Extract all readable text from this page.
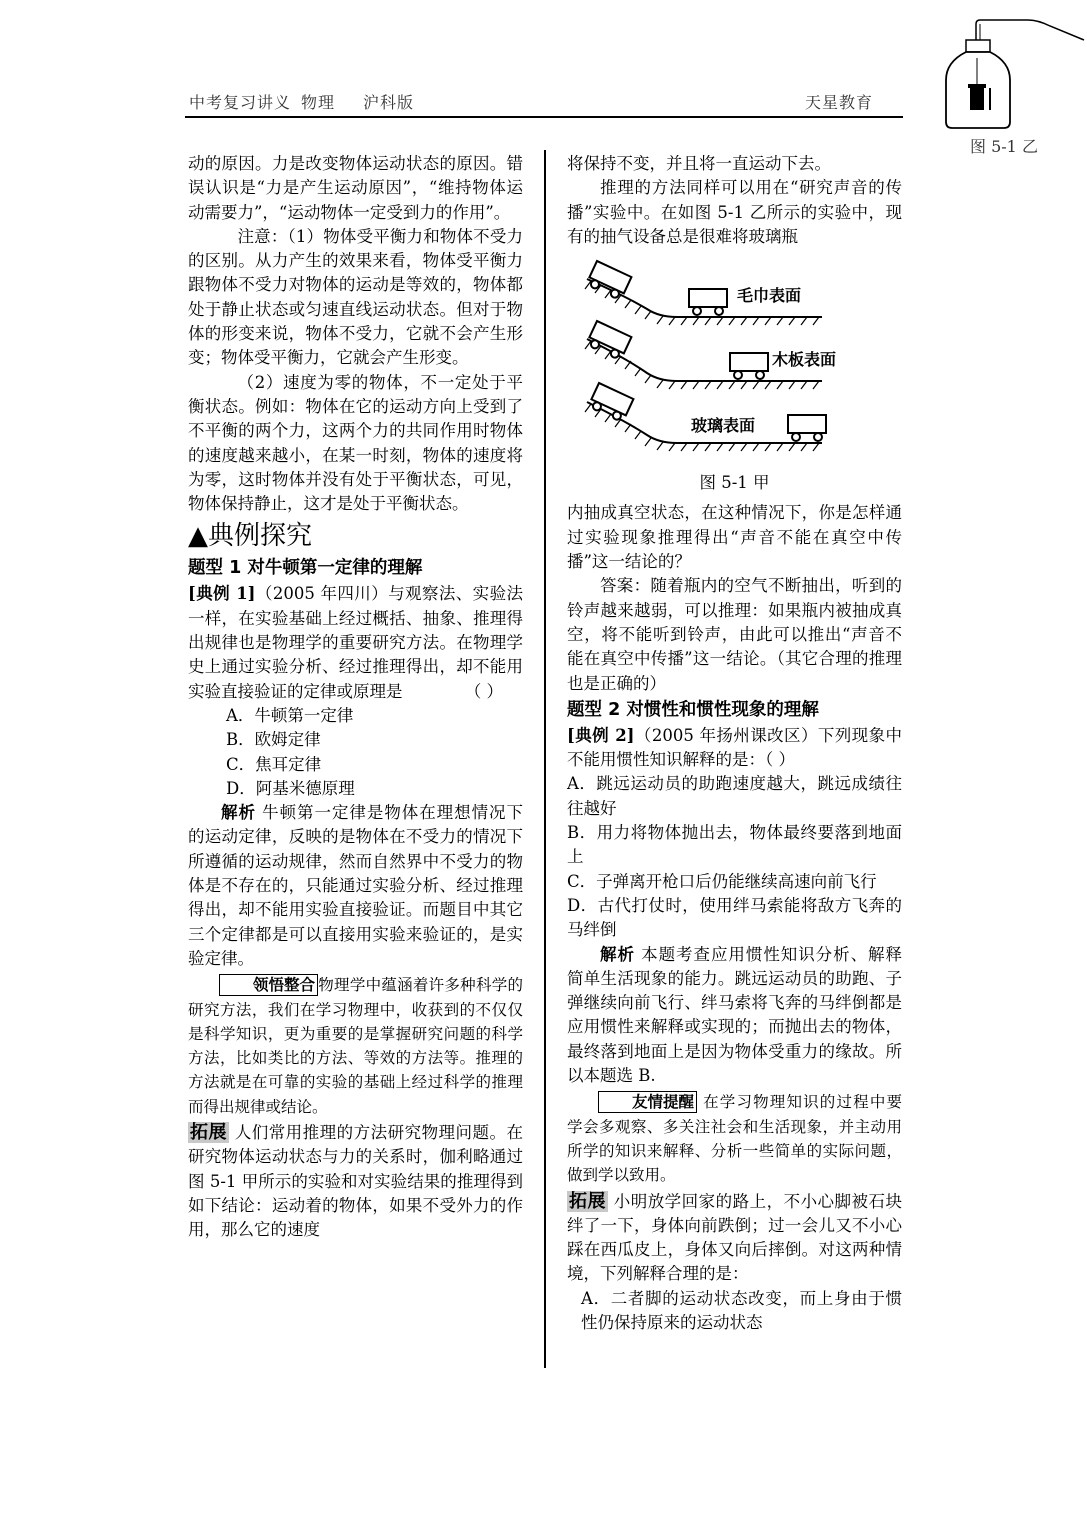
中考复习讲义 物理 沪科版	天星教育
图 5-1 乙

动的原因。力是改变物体运动状态的原因。错误认识是“力是产生运动原因”，“维持物体运动需要力”，“运动物体一定受到力的作用”。

注意：（1）物体受平衡力和物体不受力的区别。从力产生的效果来看，物体受平衡力跟物体不受力对物体的运动是等效的，物体都处于静止状态或匀速直线运动状态。但对于物体的形变来说，物体不受力，它就不会产生形变；物体受平衡力，它就会产生形变。

（2）速度为零的物体，不一定处于平衡状态。例如：物体在它的运动方向上受到了不平衡的两个力，这两个力的共同作用时物体的速度越来越小，在某一时刻，物体的速度将为零，这时物体并没有处于平衡状态，可见，物体保持静止，这才是处于平衡状态。

▲典例探究
题型 1 对牛顿第一定律的理解

[典例 1]（2005 年四川）与观察法、实验法一样，在实验基础上经过概括、抽象、推理得出规律也是物理学的重要研究方法。在物理学史上通过实验分析、经过推理得出，却不能用实验直接验证的定律或原理是	（ ）

A．牛顿第一定律

B．欧姆定律

C．焦耳定律

D．阿基米德原理

解析 牛顿第一定律是物体在理想情况下的运动定律，反映的是物体在不受力的情况下所遵循的运动规律，然而自然界中不受力的物体是不存在的，只能通过实验分析、经过推理得出，却不能用实验直接验证。而题目中其它三个定律都是可以直接用实验来验证的，是实验定律。

领悟整合 物理学中蕴涵着许多种科学的研究方法，我们在学习物理中，收获到的不仅仅是科学知识，更为重要的是掌握研究问题的科学方法，比如类比的方法、等效的方法等。推理的方法就是在可靠的实验的基础上经过科学的推理而得出规律或结论。

拓展 人们常用推理的方法研究物理问题。在研究物体运动状态与力的关系时，伽利略通过图 5-1 甲所示的实验和对实验结果的推理得到如下结论：运动着的物体，如果不受外力的作用，那么它的速度

将保持不变，并且将一直运动下去。

推理的方法同样可以用在“研究声音的传播”实验中。在如图 5-1 乙所示的实验中，现有的抽气设备总是很难将玻璃瓶

毛巾表面
木板表面
玻璃表面
图 5-1 甲

内抽成真空状态，在这种情况下，你是怎样通过实验现象推理得出“声音不能在真空中传播”这一结论的？

答案：随着瓶内的空气不断抽出，听到的铃声越来越弱，可以推理：如果瓶内被抽成真空，将不能听到铃声，由此可以推出“声音不能在真空中传播”这一结论。（其它合理的推理也是正确的）

题型 2 对惯性和惯性现象的理解

[典例 2]（2005 年扬州课改区）下列现象中不能用惯性知识解释的是：（ ）

A．跳远运动员的助跑速度越大，跳远成绩往往越好

B．用力将物体抛出去，物体最终要落到地面上

C．子弹离开枪口后仍能继续高速向前飞行

D．古代打仗时，使用绊马索能将敌方飞奔的马绊倒

解析 本题考查应用惯性知识分析、解释简单生活现象的能力。跳远运动员的助跑、子弹继续向前飞行、绊马索将飞奔的马绊倒都是应用惯性来解释或实现的；而抛出去的物体，最终落到地面上是因为物体受重力的缘故。所以本题选 B.

友情提醒 在学习物理知识的过程中要学会多观察、多关注社会和生活现象，并主动用所学的知识来解释、分析一些简单的实际问题，做到学以致用。

拓展 小明放学回家的路上，不小心脚被石块绊了一下，身体向前跌倒；过一会儿又不小心踩在西瓜皮上，身体又向后摔倒。对这两种情境，下列解释合理的是：

A．二者脚的运动状态改变，而上身由于惯性仍保持原来的运动状态
